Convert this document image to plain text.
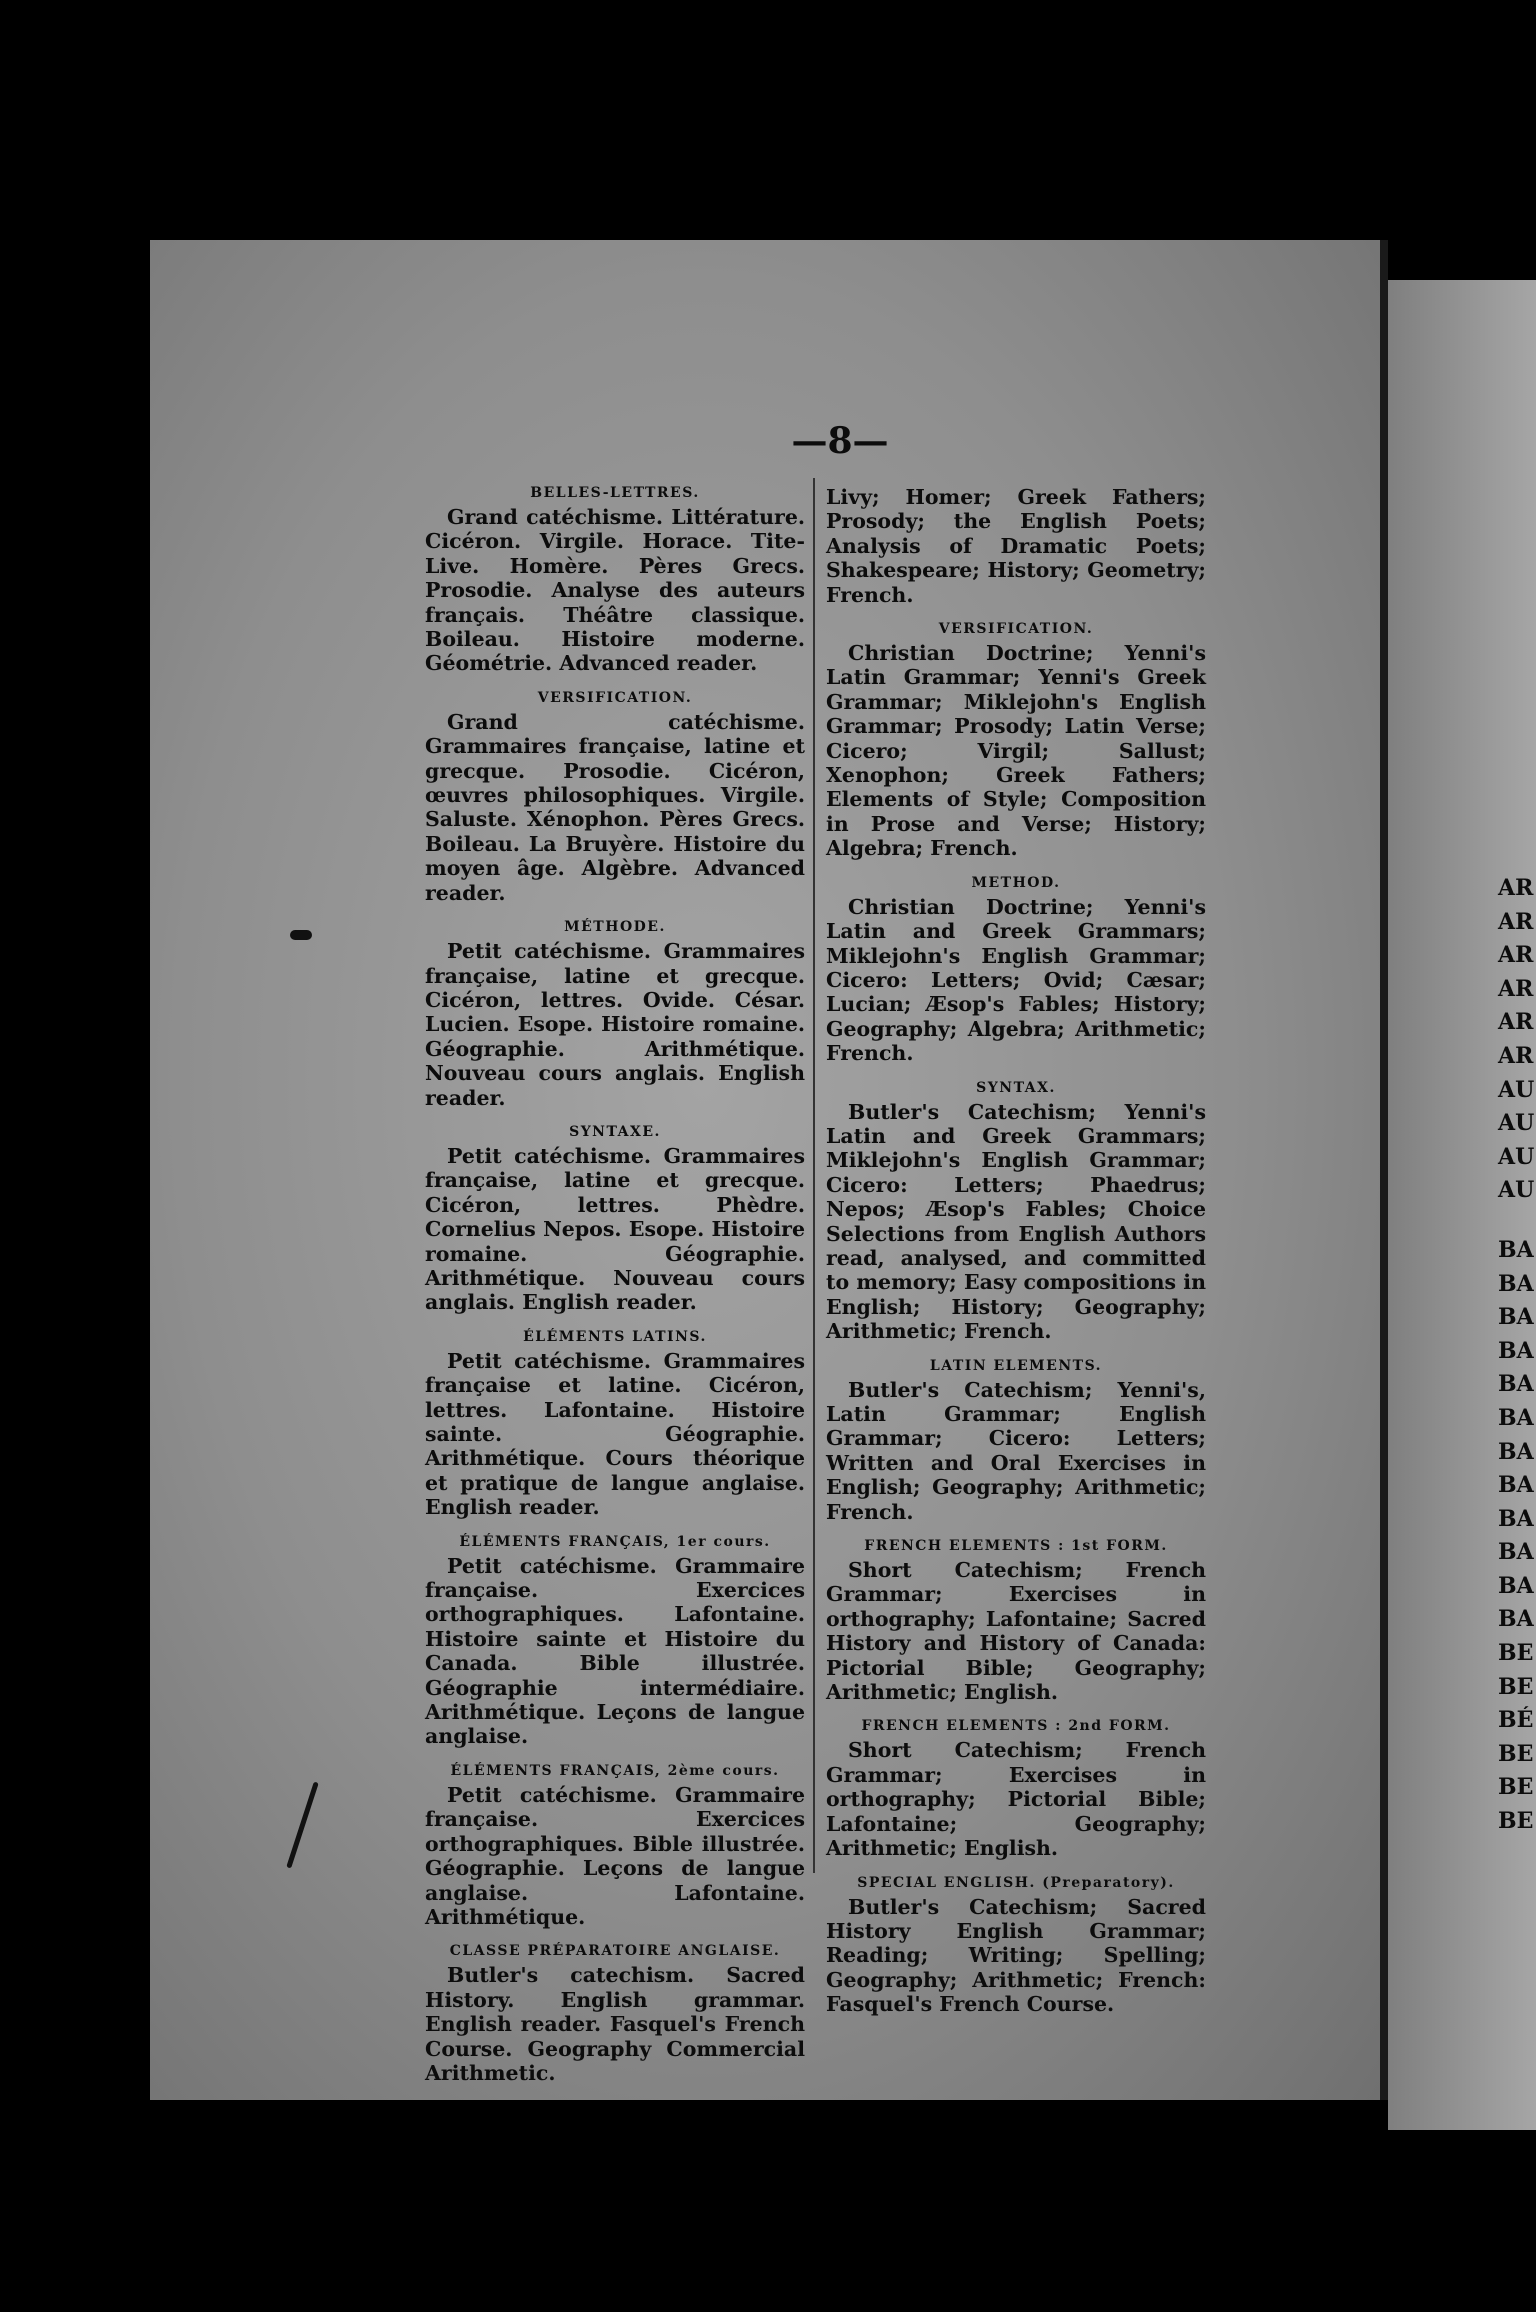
—8—
BELLES-LETTRES.

Grand catéchisme. Littérature. Cicéron. Virgile. Horace. Tite-Live. Homère. Pères Grecs. Prosodie. Analyse des auteurs français. Théâtre classique. Boileau. Histoire moderne. Géométrie. Advanced reader.

VERSIFICATION.

Grand catéchisme. Grammaires française, latine et grecque. Prosodie. Cicéron, œuvres philosophiques. Virgile. Saluste. Xénophon. Pères Grecs. Boileau. La Bruyère. Histoire du moyen âge. Algèbre. Advanced reader.

MÉTHODE.

Petit catéchisme. Grammaires française, latine et grecque. Cicéron, lettres. Ovide. César. Lucien. Esope. Histoire romaine. Géographie. Arithmétique. Nouveau cours anglais. English reader.

SYNTAXE.

Petit catéchisme. Grammaires française, latine et grecque. Cicéron, lettres. Phèdre. Cornelius Nepos. Esope. Histoire romaine. Géographie. Arithmétique. Nouveau cours anglais. English reader.

ÉLÉMENTS LATINS.

Petit catéchisme. Grammaires française et latine. Cicéron, lettres. Lafontaine. Histoire sainte. Géographie. Arithmétique. Cours théorique et pratique de langue anglaise. English reader.

ÉLÉMENTS FRANÇAIS, 1er cours.

Petit catéchisme. Grammaire française. Exercices orthographiques. Lafontaine. Histoire sainte et Histoire du Canada. Bible illustrée. Géographie intermédiaire. Arithmétique. Leçons de langue anglaise.

ÉLÉMENTS FRANÇAIS, 2ème cours.

Petit catéchisme. Grammaire française. Exercices orthographiques. Bible illustrée. Géographie. Leçons de langue anglaise. Lafontaine. Arithmétique.

CLASSE PRÉPARATOIRE ANGLAISE.

Butler's catechism. Sacred History. English grammar. English reader. Fasquel's French Course. Geography Commercial Arithmetic.

Livy; Homer; Greek Fathers; Prosody; the English Poets; Analysis of Dramatic Poets; Shakespeare; History; Geometry; French.

VERSIFICATION.

Christian Doctrine; Yenni's Latin Grammar; Yenni's Greek Grammar; Miklejohn's English Grammar; Prosody; Latin Verse; Cicero; Virgil; Sallust; Xenophon; Greek Fathers; Elements of Style; Composition in Prose and Verse; History; Algebra; French.

METHOD.

Christian Doctrine; Yenni's Latin and Greek Grammars; Miklejohn's English Grammar; Cicero: Letters; Ovid; Cæsar; Lucian; Æsop's Fables; History; Geography; Algebra; Arithmetic; French.

SYNTAX.

Butler's Catechism; Yenni's Latin and Greek Grammars; Miklejohn's English Grammar; Cicero: Letters; Phaedrus; Nepos; Æsop's Fables; Choice Selections from English Authors read, analysed, and committed to memory; Easy compositions in English; History; Geography; Arithmetic; French.

LATIN ELEMENTS.

Butler's Catechism; Yenni's, Latin Grammar; English Grammar; Cicero: Letters; Written and Oral Exercises in English; Geography; Arithmetic; French.

FRENCH ELEMENTS : 1st FORM.

Short Catechism; French Grammar; Exercises in orthography; Lafontaine; Sacred History and History of Canada: Pictorial Bible; Geography; Arithmetic; English.

FRENCH ELEMENTS : 2nd FORM.

Short Catechism; French Grammar; Exercises in orthography; Pictorial Bible; Lafontaine; Geography; Arithmetic; English.

SPECIAL ENGLISH. (Preparatory).

Butler's Catechism; Sacred History English Grammar; Reading; Writing; Spelling; Geography; Arithmetic; French: Fasquel's French Course.

AR
AR
AR
AR
AR
AR
AU
AU
AU
AU
BA
BA
BA
BA
BA
BA
BA
BA
BA
BA
BA
BA
BE
BE
BÉ
BE
BE
BE
